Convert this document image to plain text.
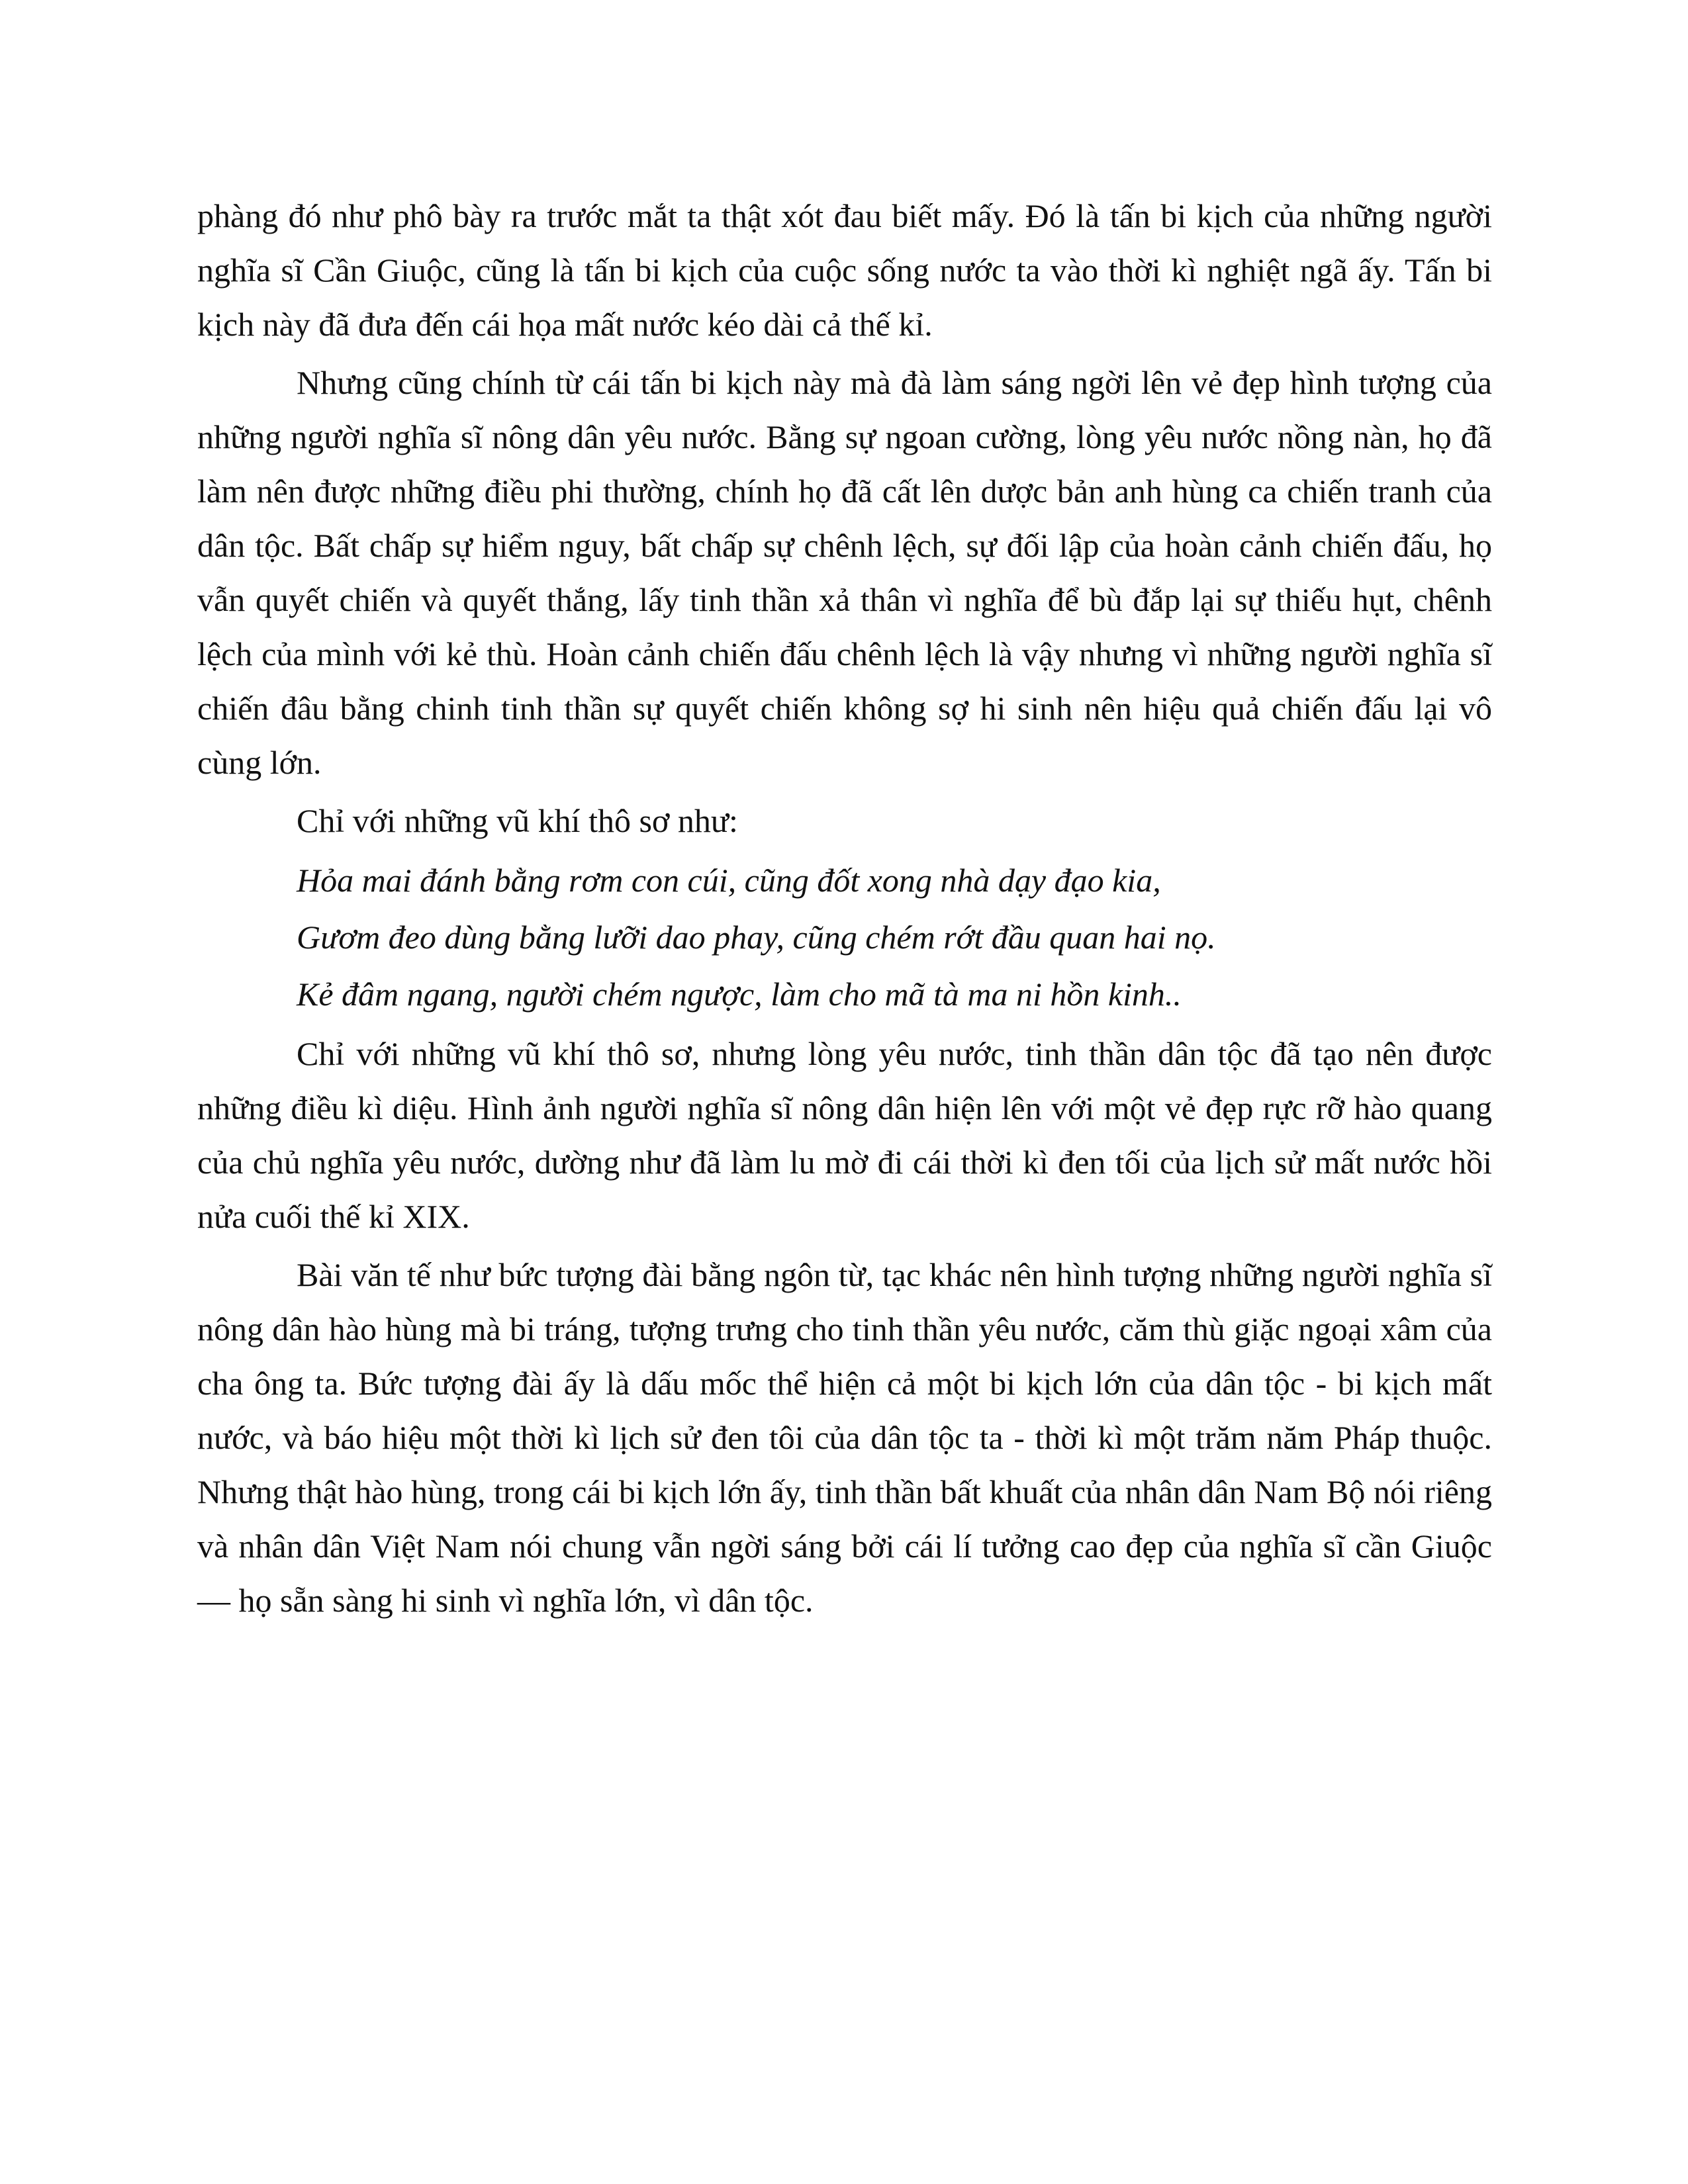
phàng đó như phô bày ra trước mắt ta thật xót đau biết mấy. Đó là tấn bi kịch của những người nghĩa sĩ Cần Giuộc, cũng là tấn bi kịch của cuộc sống nước ta vào thời kì nghiệt ngã ấy. Tấn bi kịch này đã đưa đến cái họa mất nước kéo dài cả thế kỉ.

Nhưng cũng chính từ cái tấn bi kịch này mà đà làm sáng ngời lên vẻ đẹp hình tượng của những người nghĩa sĩ nông dân yêu nước. Bằng sự ngoan cường, lòng yêu nước nồng nàn, họ đã làm nên được những điều phi thường, chính họ đã cất lên dược bản anh hùng ca chiến tranh của dân tộc. Bất chấp sự hiểm nguy, bất chấp sự chênh lệch, sự đối lập của hoàn cảnh chiến đấu, họ vẫn quyết chiến và quyết thắng, lấy tinh thần xả thân vì nghĩa để bù đắp lại sự thiếu hụt, chênh lệch của mình với kẻ thù. Hoàn cảnh chiến đấu chênh lệch là vậy nhưng vì những người nghĩa sĩ chiến đâu bằng chinh tinh thần sự quyết chiến không sợ hi sinh nên hiệu quả chiến đấu lại vô cùng lớn.

Chỉ với những vũ khí thô sơ như:

Hỏa mai đánh bằng rơm con cúi, cũng đốt xong nhà dạy đạo kia,

Gươm đeo dùng bằng lưỡi dao phay, cũng chém rớt đầu quan hai nọ.

Kẻ đâm ngang, người chém ngược, làm cho mã tà ma ni hồn kinh..

Chỉ với những vũ khí thô sơ, nhưng lòng yêu nước, tinh thần dân tộc đã tạo nên được những điều kì diệu. Hình ảnh người nghĩa sĩ nông dân hiện lên với một vẻ đẹp rực rỡ hào quang của chủ nghĩa yêu nước, dường như đã làm lu mờ đi cái thời kì đen tối của lịch sử mất nước hồi nửa cuối thế kỉ XIX.

Bài văn tế như bức tượng đài bằng ngôn từ, tạc khác nên hình tượng những người nghĩa sĩ nông dân hào hùng mà bi tráng, tượng trưng cho tinh thần yêu nước, căm thù giặc ngoại xâm của cha ông ta. Bức tượng đài ấy là dấu mốc thể hiện cả một bi kịch lớn của dân tộc - bi kịch mất nước, và báo hiệu một thời kì lịch sử đen tôi của dân tộc ta - thời kì một trăm năm Pháp thuộc. Nhưng thật hào hùng, trong cái bi kịch lớn ấy, tinh thần bất khuất của nhân dân Nam Bộ nói riêng và nhân dân Việt Nam nói chung vẫn ngời sáng bởi cái lí tưởng cao đẹp của nghĩa sĩ cần Giuộc — họ sẵn sàng hi sinh vì nghĩa lớn, vì dân tộc.
